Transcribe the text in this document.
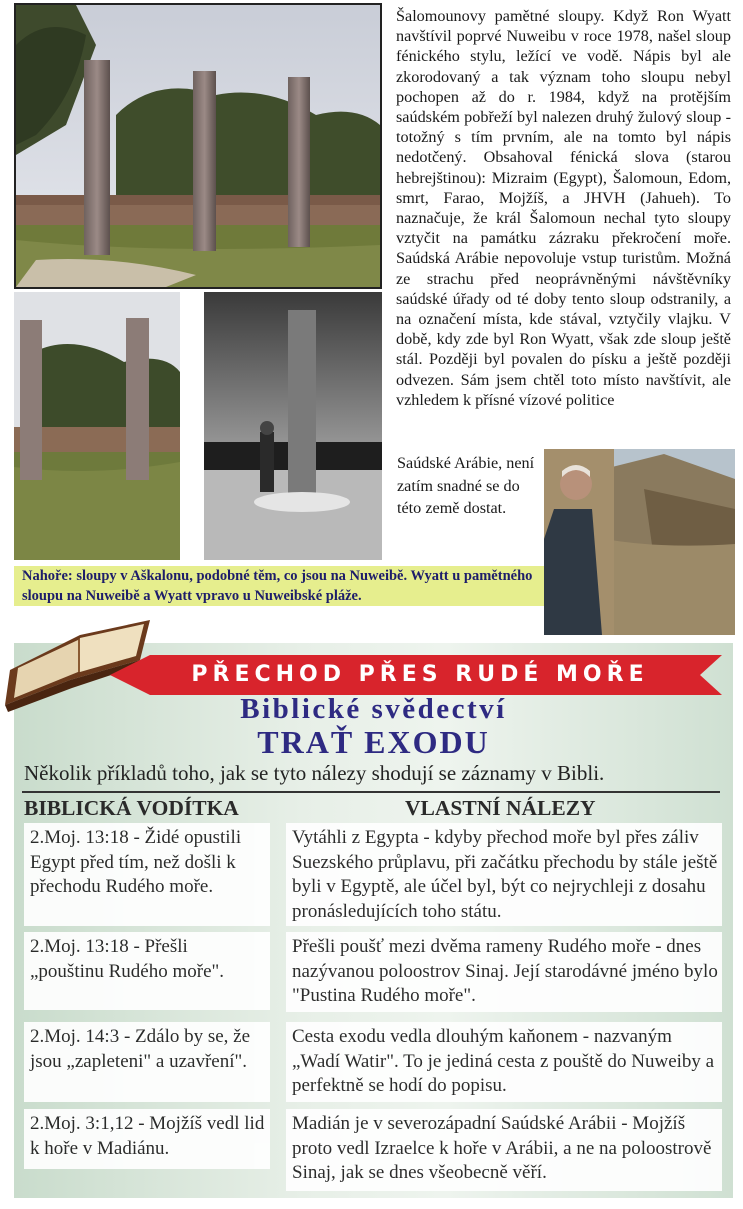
Šalomounovy pamětné sloupy. Když Ron Wyatt navštívil poprvé Nuweibu v roce 1978, našel sloup fénického stylu, ležící ve vodě. Nápis byl ale zkorodovaný a tak význam toho sloupu nebyl pochopen až do r. 1984, když na protějším saúdském pobřeží byl nalezen druhý žulový sloup - totožný s tím prvním, ale na tomto byl nápis nedotčený. Obsahoval fénická slova (starou hebrejštinou): Mizraim (Egypt), Šalomoun, Edom, smrt, Farao, Mojžíš, a JHVH (Jahueh). To naznačuje, že král Šalomoun nechal tyto sloupy vztyčit na památku zázraku překročení moře. Saúdská Arábie nepovoluje vstup turistům. Možná ze strachu před neoprávněnými návštěvníky saúdské úřady od té doby tento sloup odstranily, a na označení místa, kde stával, vztyčily vlajku. V době, kdy zde byl Ron Wyatt, však zde sloup ještě stál. Později byl povalen do písku a ještě později odvezen. Sám jsem chtěl toto místo navštívit, ale vzhledem k přísné vízové politice
Saúdské Arábie, není zatím snadné se do této země dostat.
Nahoře: sloupy v Aškalonu, podobné těm, co jsou na Nuweibě. Wyatt u pamětného sloupu na Nuweibě a Wyatt vpravo u Nuweibské pláže.
PŘECHOD PŘES RUDÉ MOŘE
Biblické svědectví
TRAŤ EXODU
Několik příkladů toho, jak se tyto nálezy shodují se záznamy v Bibli.
BIBLICKÁ VODÍTKA	VLASTNÍ NÁLEZY
2.Moj. 13:18 - Židé opustili Egypt před tím, než došli k přechodu Rudého moře.
Vytáhli z Egypta - kdyby přechod moře byl přes záliv Suezského průplavu, při začátku přechodu by stále ještě byli v Egyptě, ale účel byl, být co nejrychleji z dosahu pronásledujících toho státu.
2.Moj. 13:18 - Přešli „pouštinu Rudého moře".
Přešli poušť mezi dvěma rameny Rudého moře - dnes nazývanou poloostrov Sinaj. Její starodávné jméno bylo "Pustina Rudého moře".
2.Moj. 14:3 - Zdálo by se, že jsou „zapleteni" a uzavření".
Cesta exodu vedla dlouhým kaňonem - nazvaným „Wadí Watir". To je jediná cesta z pouště do Nuweiby a perfektně se hodí do popisu.
2.Moj. 3:1,12 - Mojžíš vedl lid k hoře v Madiánu.
Madián je v severozápadní Saúdské Arábii - Mojžíš proto vedl Izraelce k hoře v Arábii, a ne na poloostrově Sinaj, jak se dnes všeobecně věří.
